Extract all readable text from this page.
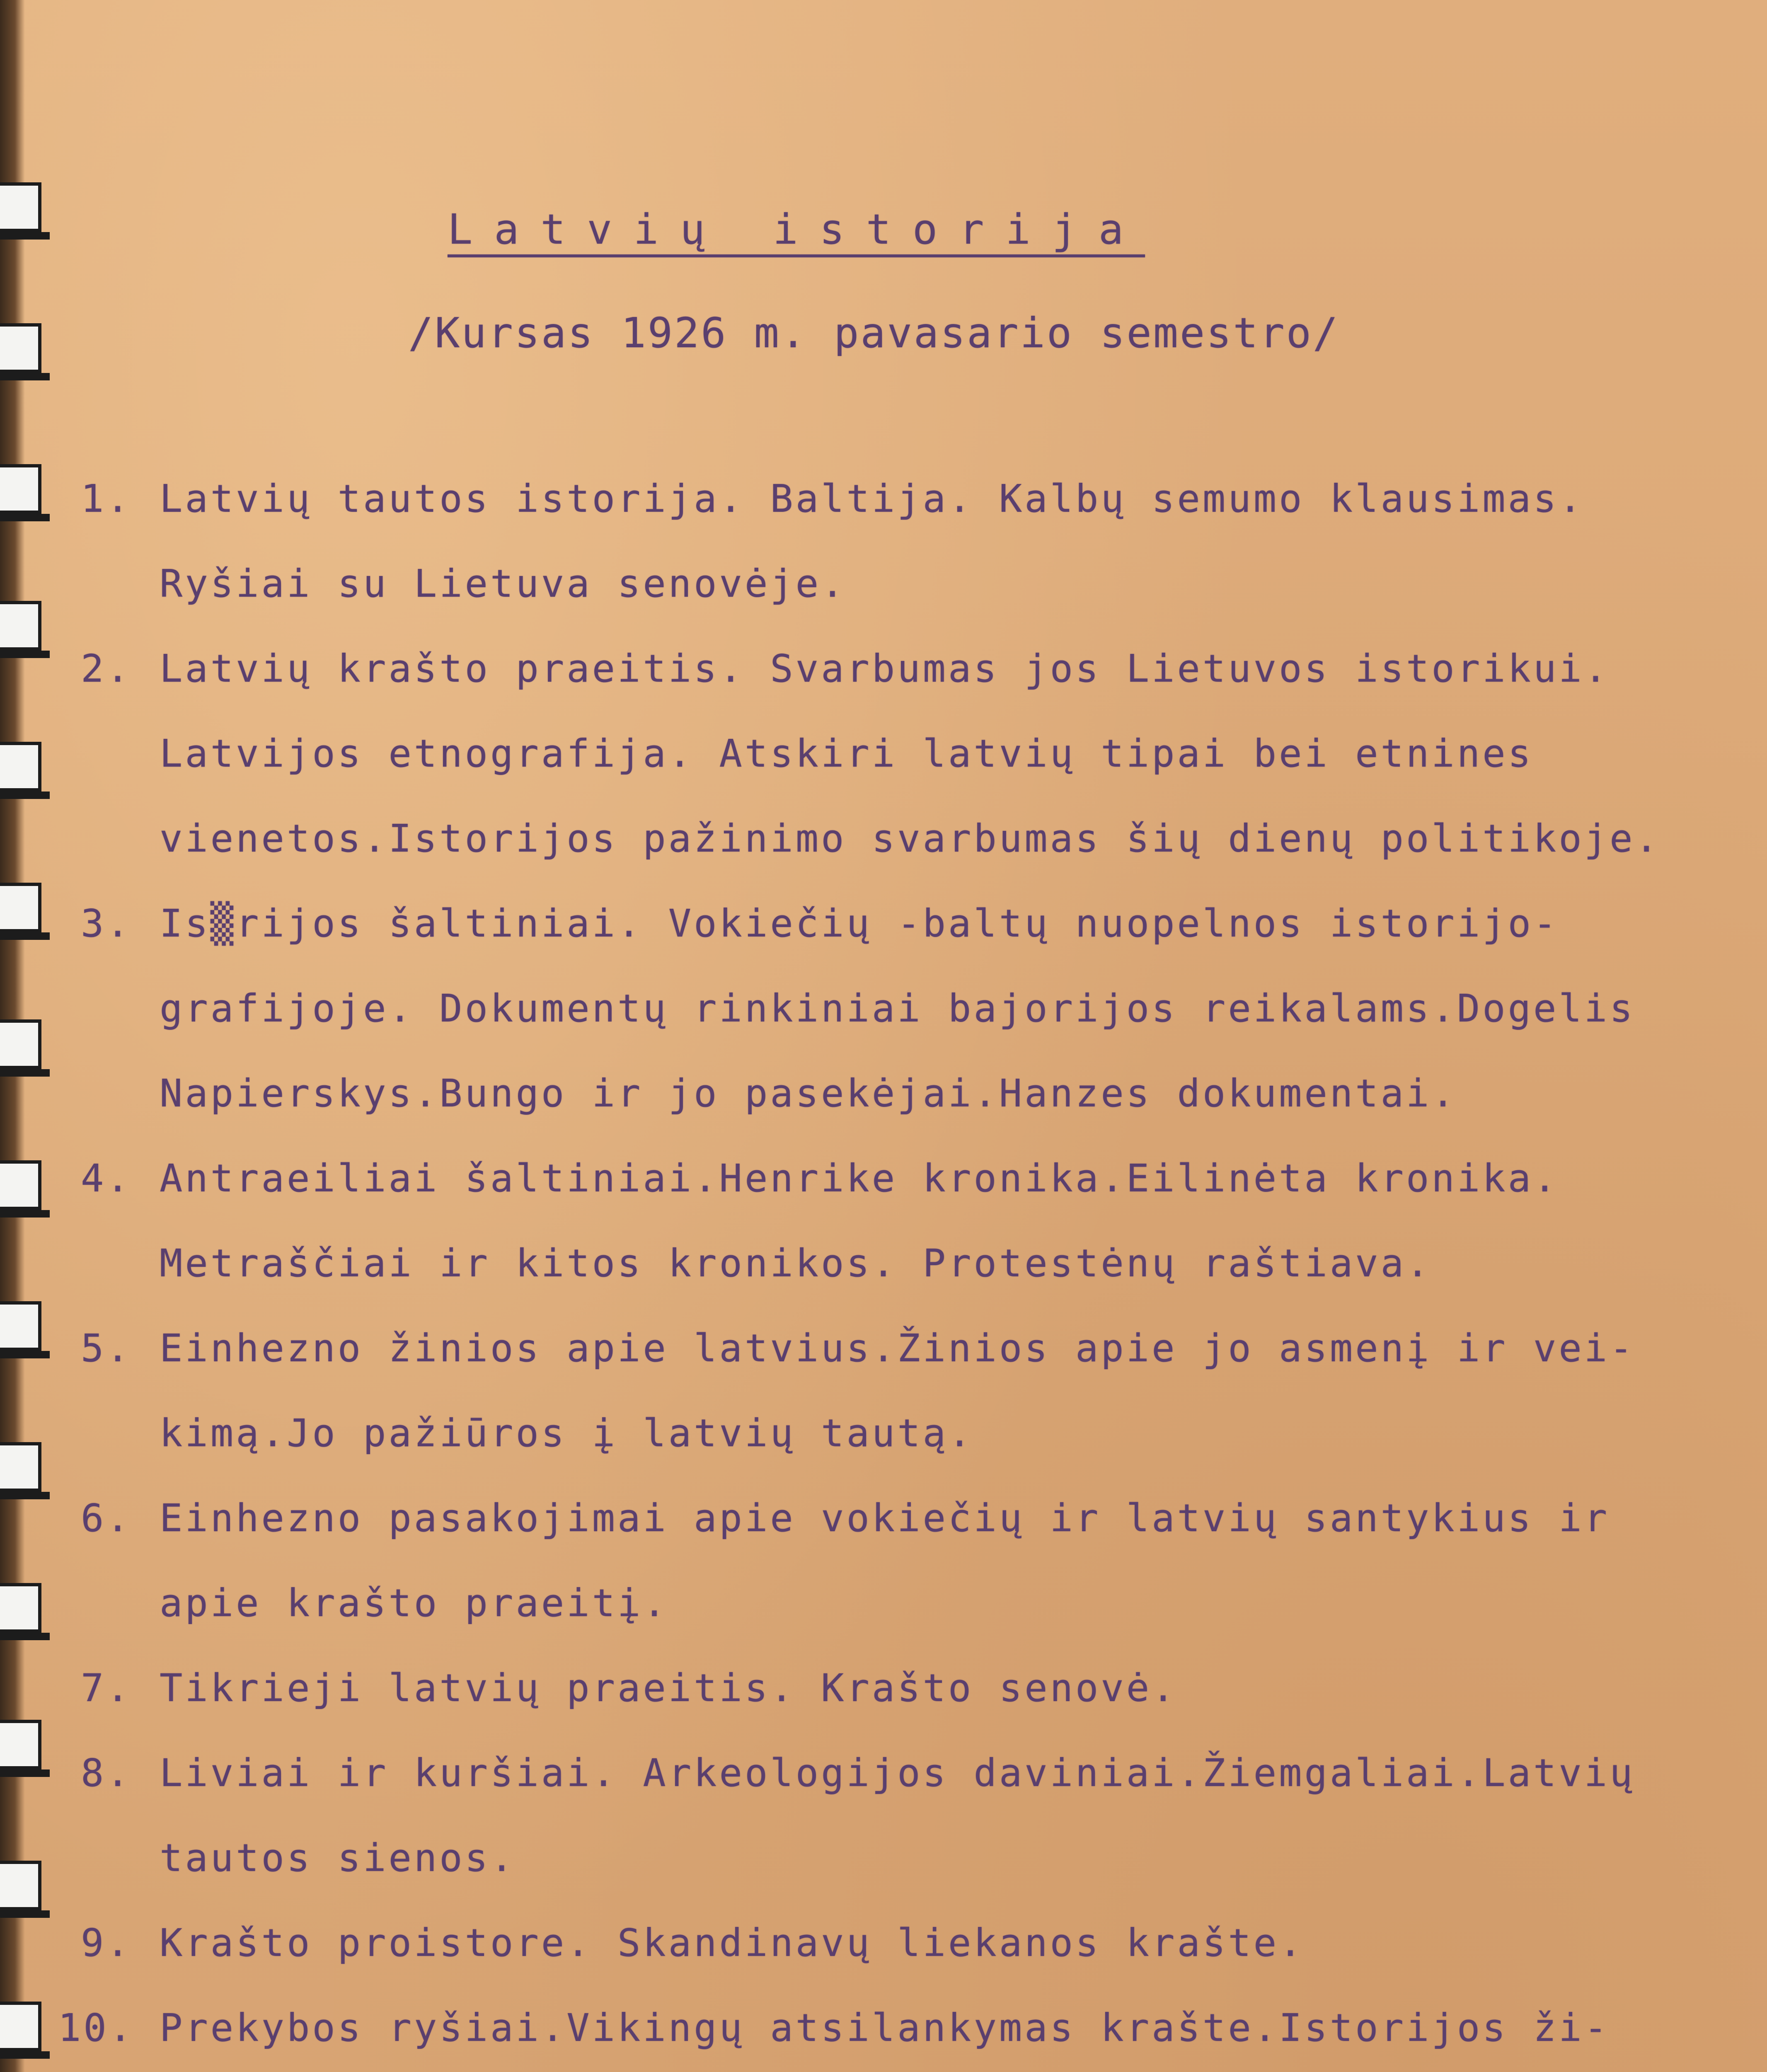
Latvių istorija
/Kursas 1926 m. pavasario semestro/
1. Latvių tautos istorija. Baltija. Kalbų semumo klausimas.
Ryšiai su Lietuva senovėje.
2. Latvių krašto praeitis. Svarbumas jos Lietuvos istorikui.
Latvijos etnografija. Atskiri latvių tipai bei etnines
vienetos.Istorijos pažinimo svarbumas šių dienų politikoje.
3. Is▒rijos šaltiniai. Vokiečių -baltų nuopelnos istorijo-
grafijoje. Dokumentų rinkiniai bajorijos reikalams.Dogelis
Napierskys.Bungo ir jo pasekėjai.Hanzes dokumentai.
4. Antraeiliai šaltiniai.Henrike kronika.Eilinėta kronika.
Metraščiai ir kitos kronikos. Protestėnų raštiava.
5. Einhezno žinios apie latvius.Žinios apie jo asmenį ir vei-
kimą.Jo pažiūros į latvių tautą.
6. Einhezno pasakojimai apie vokiečių ir latvių santykius ir
apie krašto praeitį.
7. Tikrieji latvių praeitis. Krašto senovė.
8. Liviai ir kuršiai. Arkeologijos daviniai.Žiemgaliai.Latvių
tautos sienos.
9. Krašto proistore. Skandinavų liekanos krašte.
10. Prekybos ryšiai.Vikingų atsilankymas krašte.Istorijos ži-
